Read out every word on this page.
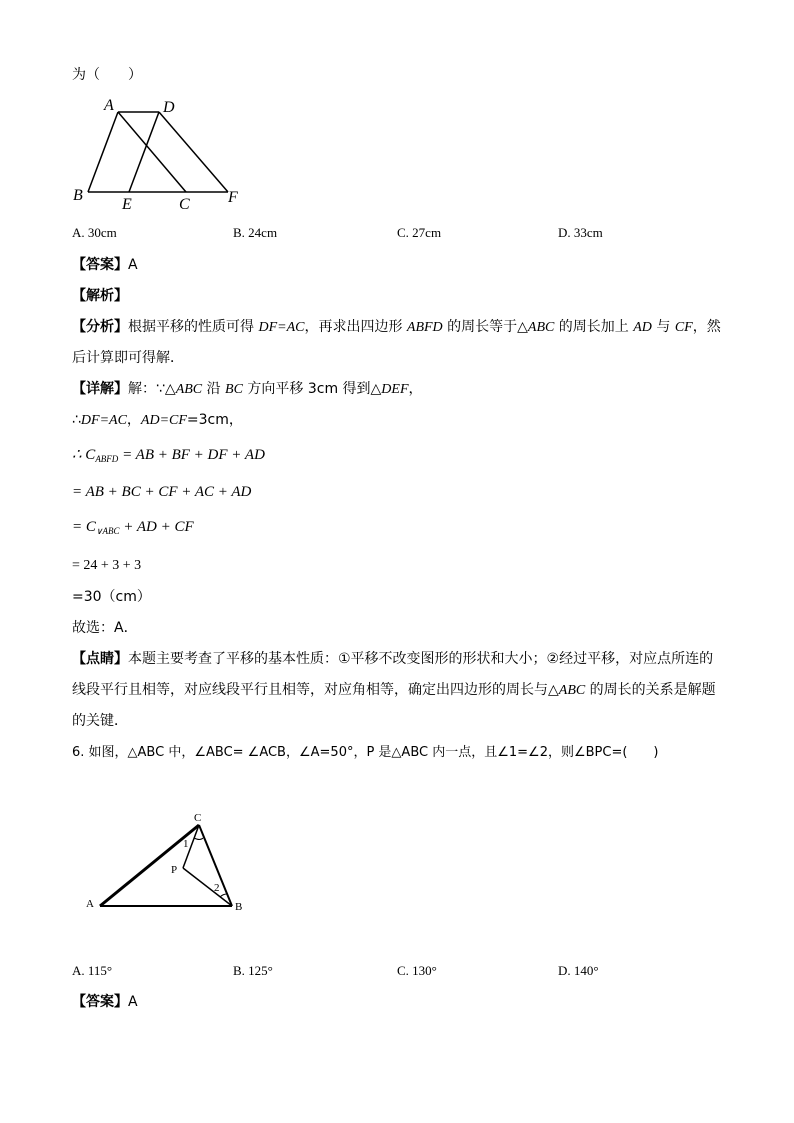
为（　　）
A	D
B
E	C F
A. 30cm	B. 24cm	C. 27cm	D. 33cm
【答案】A
【解析】
【分析】根据平移的性质可得 DF=AC，再求出四边形 ABFD 的周长等于△ABC 的周长加上 AD 与 CF，然
后计算即可得解．
【详解】解：∵△ABC 沿 BC 方向平移 3cm 得到△DEF，
∴DF=AC，AD=CF=3cm，
∴ $C_{ABFD}$ = AB + BF + DF + AD
= AB + BC + CF + AC + AD
= $C_{\vee ABC}$ + AD + CF
= 24 + 3 + 3
=30（cm）
故选：A．
【点睛】本题主要考查了平移的基本性质：①平移不改变图形的形状和大小；②经过平移，对应点所连的
线段平行且相等，对应线段平行且相等，对应角相等，确定出四边形的周长与△ABC 的周长的关系是解题
的关键．
6. 如图，△ABC 中，∠ABC= ∠ACB，∠A=50°，P 是△ABC 内一点，且∠1=∠2，则∠BPC=(　　)
C
A	B
P
1
2
A. 115°	B. 125°	C. 130°	D. 140°
【答案】A
